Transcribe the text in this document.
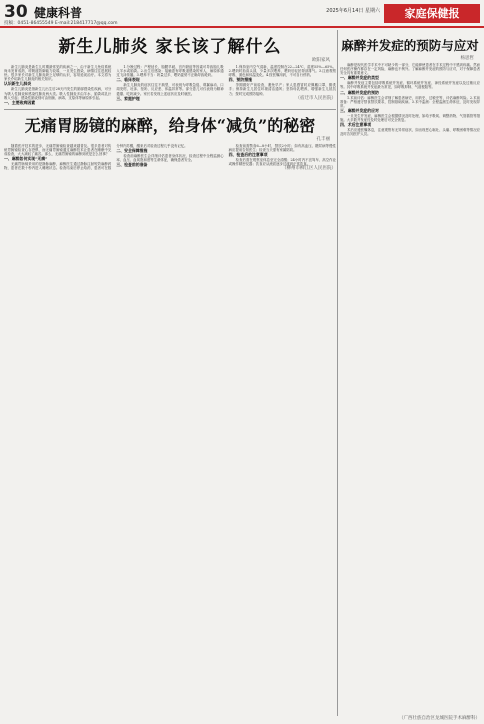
30 健康科普
投稿：0451-86455549 E-mail:218417717@qq.com
2025年6月14日 星期六	家庭保健报
新生儿肺炎 家长该了解什么
欧阳家风

新生儿肺炎是新生儿时期最常见的疾病之一，由于新生儿免疫系统尚未发育成熟，呼吸道防御能力较弱，一旦发生感染，病情往往进展较快。很多家长对新生儿肺炎缺乏足够的认识，容易延误治疗。本文将为家长介绍新生儿肺炎的相关知识。

认识新生儿肺炎

新生儿肺炎是指新生儿出生后28天内发生的肺部感染性疾病，可分为吸入性肺炎和感染性肺炎两大类。吸入性肺炎多由羊水、胎粪或乳汁吸入引起；感染性肺炎则可由细菌、病毒、支原体等病原体引起。

一、主要致病因素

1.分娩过程：产程延长、胎膜早破、宫内窘迫等因素可导致胎儿吸入羊水或胎粪。2.出生后感染：接触患有呼吸道感染的家人，病原体通过飞沫传播。3.喂养不当：奶量过多、喂奶姿势不正确导致呛奶。

二、临床表现

新生儿肺炎的症状往往不典型，可表现为呼吸急促、鼻翼扇动、口周发绀、吐沫、拒奶、反应差、体温异常等。部分患儿可仅表现为精神萎靡、吃奶减少。家长若发现上述症状应及时就医。

三、家庭护理

1.保持室内空气清新，温度控制在22—24℃，湿度55%—65%。2.喂奶时抬高头部，少量多次喂养，喂奶后轻拍背部排气。3.注意观察呼吸、面色和体温变化。4.按医嘱用药，不可自行停药。

四、预防措施

孕期做好产前检查，避免早产；家人患感冒时应佩戴口罩，勤洗手；保持新生儿居住环境清洁通风；坚持母乳喂养，增强新生儿抵抗力；按时完成预防接种。

（宿迁市人民医院）
无痛胃肠镜的麻醉，给身体“减负”的秘密
孔丰丽

随着医疗技术的进步，无痛胃肠镜检查越来越普及。很多患者对传统胃肠镜检查心存恐惧，而无痛胃肠镜通过麻醉技术让患者在睡眠中完成检查，大大减轻了痛苦。那么，无痛胃肠镜的麻醉到底是怎么回事？

一、麻醉如何实现“无痛”

无痛胃肠镜采用的是静脉麻醉，麻醉医生通过静脉注射短效麻醉药物，患者在数十秒内进入睡眠状态。检查结束后停止给药，患者可在数分钟内苏醒，醒来后对检查过程几乎没有记忆。

二、安全保障措施

检查前麻醉医生会详细评估患者身体状况，检查过程中全程监测心率、血压、血氧饱和度等生命体征，确保患者安全。

三、检查前的准备

检查前需禁食6—8小时，禁饮2小时；如有高血压、糖尿病等慢性病应提前告知医生；检查当天需有家属陪同。

四、检查后的注意事项

检查后需在观察室休息至完全清醒；24小时内不宜驾车、高空作业或操作精密仪器；饮食应从流质逐步过渡到正常饮食。

（柳州市柳江区人民医院）
麻醉并发症的预防与应对
杨思哲

麻醉是现代医学手术中不可缺少的一部分，它能够使患者在手术过程中不感到疼痛。然而任何医疗操作都存在一定风险，麻醉也不例外。了解麻醉并发症的预防与应对，对于保障患者安全具有重要意义。

一、麻醉并发症的类型

麻醉并发症主要包括呼吸系统并发症、循环系统并发症、神经系统并发症以及过敏反应等。其中呼吸系统并发症最为常见，如呼吸抑制、气道梗阻等。

二、麻醉并发症的预防

1.术前评估：麻醉医生会详细了解患者病史、用药史、过敏史等，评估麻醉风险。2.术前准备：严格遵守禁食禁饮要求，控制基础疾病。3.术中监测：全程监测生命体征，及时发现异常。

三、麻醉并发症的应对

一旦发生并发症，麻醉医生会根据情况及时处理，如给予吸氧、调整药物、气管插管等措施。大多数并发症经及时处理后可完全恢复。

四、术后注意事项

术后应遵医嘱休息，注意观察有无异常症状，如出现恶心呕吐、头痛、呼吸困难等情况应及时告知医护人员。

（广西壮族自治区龙城医院手术麻醉科）
